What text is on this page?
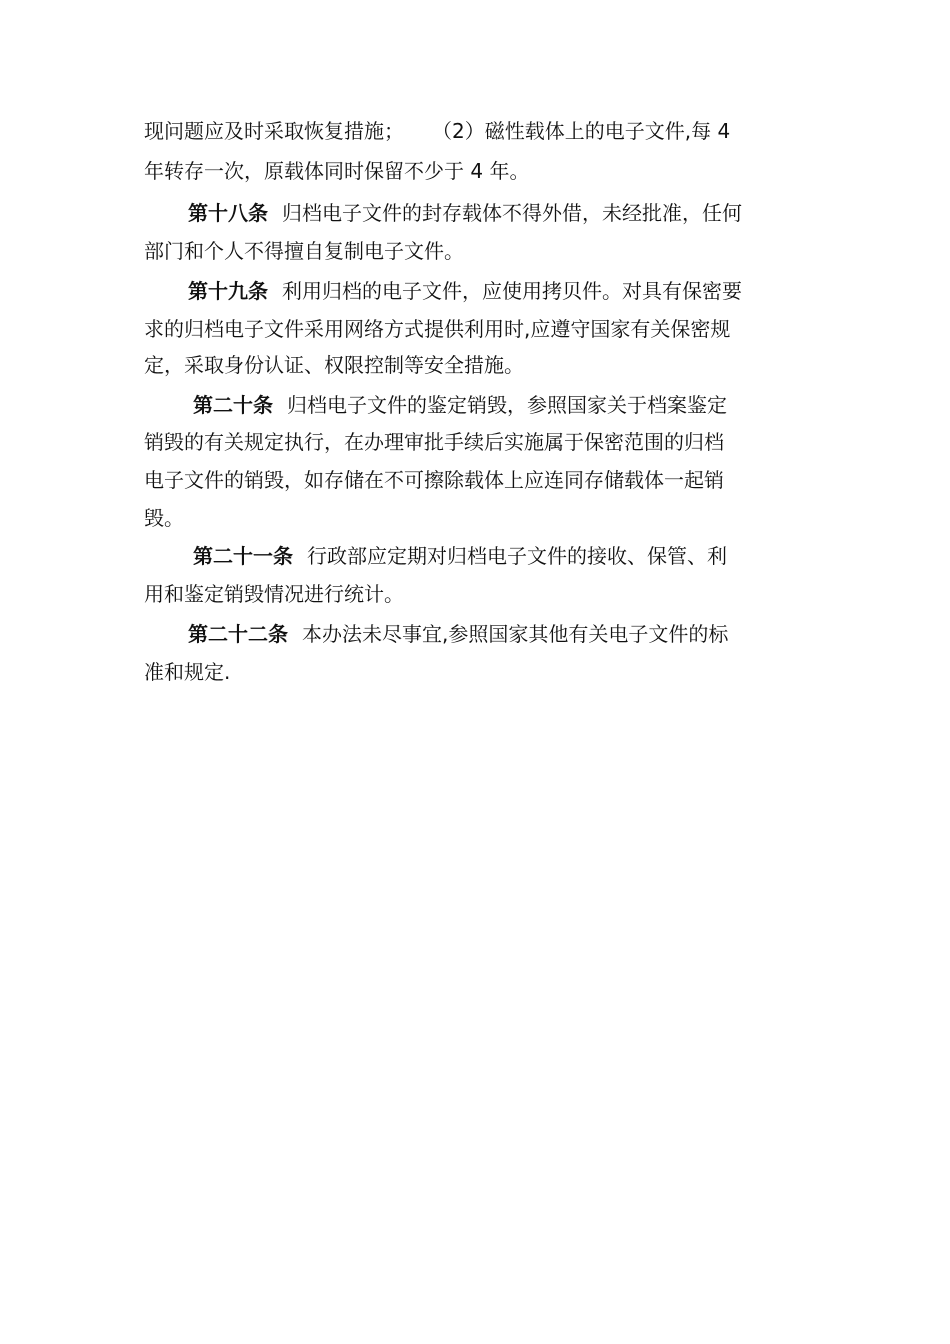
现问题应及时采取恢复措施； （2）磁性载体上的电子文件,每 4
年转存一次，原载体同时保留不少于 4 年。
第十八条 归档电子文件的封存载体不得外借，未经批准，任何
部门和个人不得擅自复制电子文件。
第十九条 利用归档的电子文件，应使用拷贝件。对具有保密要
求的归档电子文件采用网络方式提供利用时,应遵守国家有关保密规
定，采取身份认证、权限控制等安全措施。
第二十条 归档电子文件的鉴定销毁，参照国家关于档案鉴定
销毁的有关规定执行，在办理审批手续后实施属于保密范围的归档
电子文件的销毁，如存储在不可擦除载体上应连同存储载体一起销
毁。
第二十一条 行政部应定期对归档电子文件的接收、保管、利
用和鉴定销毁情况进行统计。
第二十二条 本办法未尽事宜,参照国家其他有关电子文件的标
准和规定.
